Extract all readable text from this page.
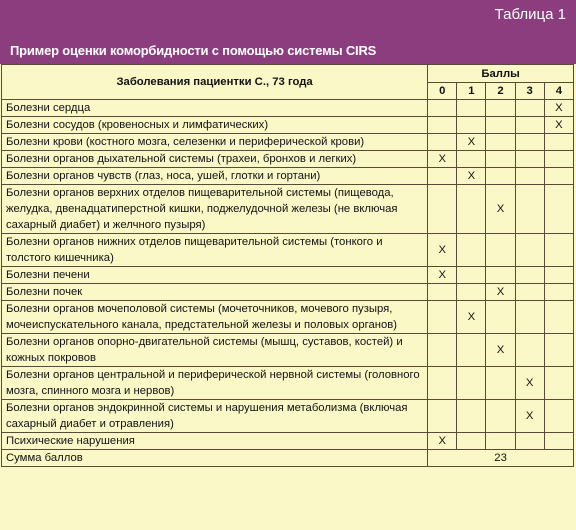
Таблица 1
Пример оценки коморбидности с помощью системы CIRS
Заболевания пациентки С., 73 года	Баллы				
	0	1	2	3	4
Болезни сердца					X
Болезни сосудов (кровеносных и лимфатических)					X
Болезни крови (костного мозга, селезенки и периферической крови)		X			
Болезни органов дыхательной системы (трахеи, бронхов и легких)	X				
Болезни органов чувств (глаз, носа, ушей, глотки и гортани)		X			
Болезни органов верхних отделов пищеварительной системы (пищевода, желудка, двенадцатиперстной кишки, поджелудочной железы (не включая сахарный диабет) и желчного пузыря)			X		
Болезни органов нижних отделов пищеварительной системы (тонкого и толстого кишечника)	X				
Болезни печени	X				
Болезни почек			X		
Болезни органов мочеполовой системы (мочеточников, мочевого пузыря, мочеиспускательного канала, предстательной железы и половых органов)		X			
Болезни органов опорно-двигательной системы (мышц, суставов, костей) и кожных покровов			X		
Болезни органов центральной и периферической нервной системы (головного мозга, спинного мозга и нервов)				X	
Болезни органов эндокринной системы и нарушения метаболизма (включая сахарный диабет и отравления)				X	
Психические нарушения	X				
Сумма баллов	23				
